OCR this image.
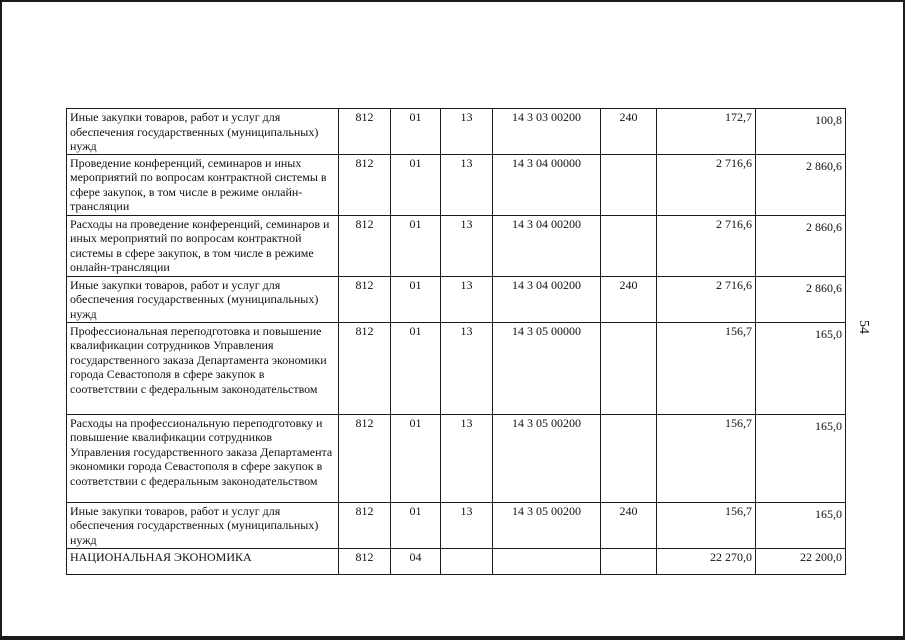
Иные закупки товаров, работ и услуг для обеспечения государственных (муниципальных) нужд	812	01	13	14 3 03 00200	240	172,7	100,8
Проведение конференций, семинаров и иных мероприятий по вопросам контрактной системы в сфере закупок, в том числе в режиме онлайн-трансляции	812	01	13	14 3 04 00000		2 716,6	2 860,6
Расходы на проведение конференций, семинаров и иных мероприятий по вопросам контрактной системы в сфере закупок, в том числе в режиме онлайн-трансляции	812	01	13	14 3 04 00200		2 716,6	2 860,6
Иные закупки товаров, работ и услуг для обеспечения государственных (муниципальных) нужд	812	01	13	14 3 04 00200	240	2 716,6	2 860,6
Профессиональная переподготовка и повышение квалификации сотрудников Управления государственного заказа Департамента экономики города Севастополя в сфере закупок в соответствии с федеральным законодательством	812	01	13	14 3 05 00000		156,7	165,0
Расходы на профессиональную переподготовку и повышение квалификации сотрудников Управления государственного заказа Департамента экономики города Севастополя в сфере закупок в соответствии с федеральным законодательством	812	01	13	14 3 05 00200		156,7	165,0
Иные закупки товаров, работ и услуг для обеспечения государственных (муниципальных) нужд	812	01	13	14 3 05 00200	240	156,7	165,0
НАЦИОНАЛЬНАЯ ЭКОНОМИКА	812	04				22 270,0	22 200,0
54
